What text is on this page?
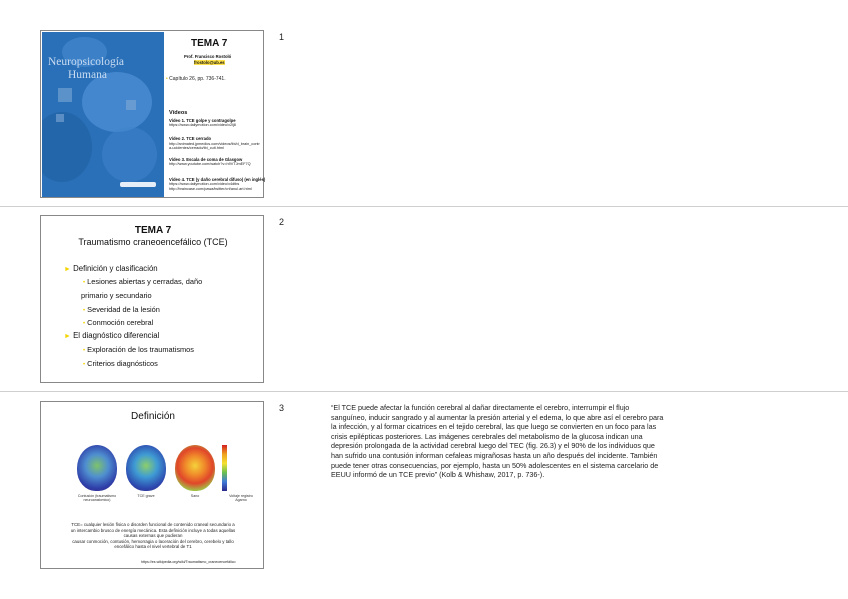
Neuropsicología
Humana
TEMA 7
Prof. Francisco Rostoló
frostolo@ub.es
• Capítulo 26, pp. 736-741.
Vídeos
Vídeo 1. TCE golpe y contragolpe
https://www.dailymotion.com/video/x2lj8
Vídeo 2. TCE cerrado
http://animated.jpmedics.com/videos/tbi/d_brain_contr
a-ucidentes/cerrado/tbi_cuit.html
Vídeo 3. Escala de coma de Glasgow
http://www.youtube.com/watch?v=h9VTJmEF7Q
Vídeo 4. TCE (y daño cerebral difuso) (en inglés)
https://www.dailymotion.com/video/x4dtbs
http://braincase.com/pawa/twitter/crt/anul.art.html
1
TEMA 7
Traumatismo craneoencefálico (TCE)
► Definición y clasificación
• Lesiones abiertas y cerradas, daño
primario y secundario
• Severidad de la lesión
• Conmoción cerebral
► El diagnóstico diferencial
• Exploración de los traumatismos
• Criterios diagnósticos
2
Definición
Contusión (traumatismo neuroanatomico)
TCE grave	Sano	Voltaje registro Agarno
TCE= cualquier lesión física o disorden funcional de contenido craneal secundario a
un intercambio brusco de energía mecánica. Esta definición incluye a todas aquellas
causas externas que pudieran
causar conmoción, contusión, hemorragia o laceración del cerebro, cerebelo y tallo
encefálico hasta el nivel vertebral de T1
https://es.wikipedia.org/wiki/Traumatismo_craneoencefálico
3	“El TCE puede afectar la función cerebral al dañar directamente el cerebro, interrumpir el flujo
sanguíneo, inducir sangrado y al aumentar la presión arterial y el edema, lo que abre así el cerebro para
la infección, y al formar cicatrices en el tejido cerebral, las que luego se convierten en un foco para las
crisis epilépticas posteriores. Las imágenes cerebrales del metabolismo de la glucosa indican una
depresión prolongada de la actividad cerebral luego del TEC (fig. 26.3) y el 90% de los individuos que
han sufrido una contusión informan cefaleas migrañosas hasta un año después del incidente. También
puede tener otras consecuencias, por ejemplo, hasta un 50% adolescentes en el sistema carcelario de
EEUU informó de un TCE previo” (Kolb & Whishaw, 2017, p. 736-).
